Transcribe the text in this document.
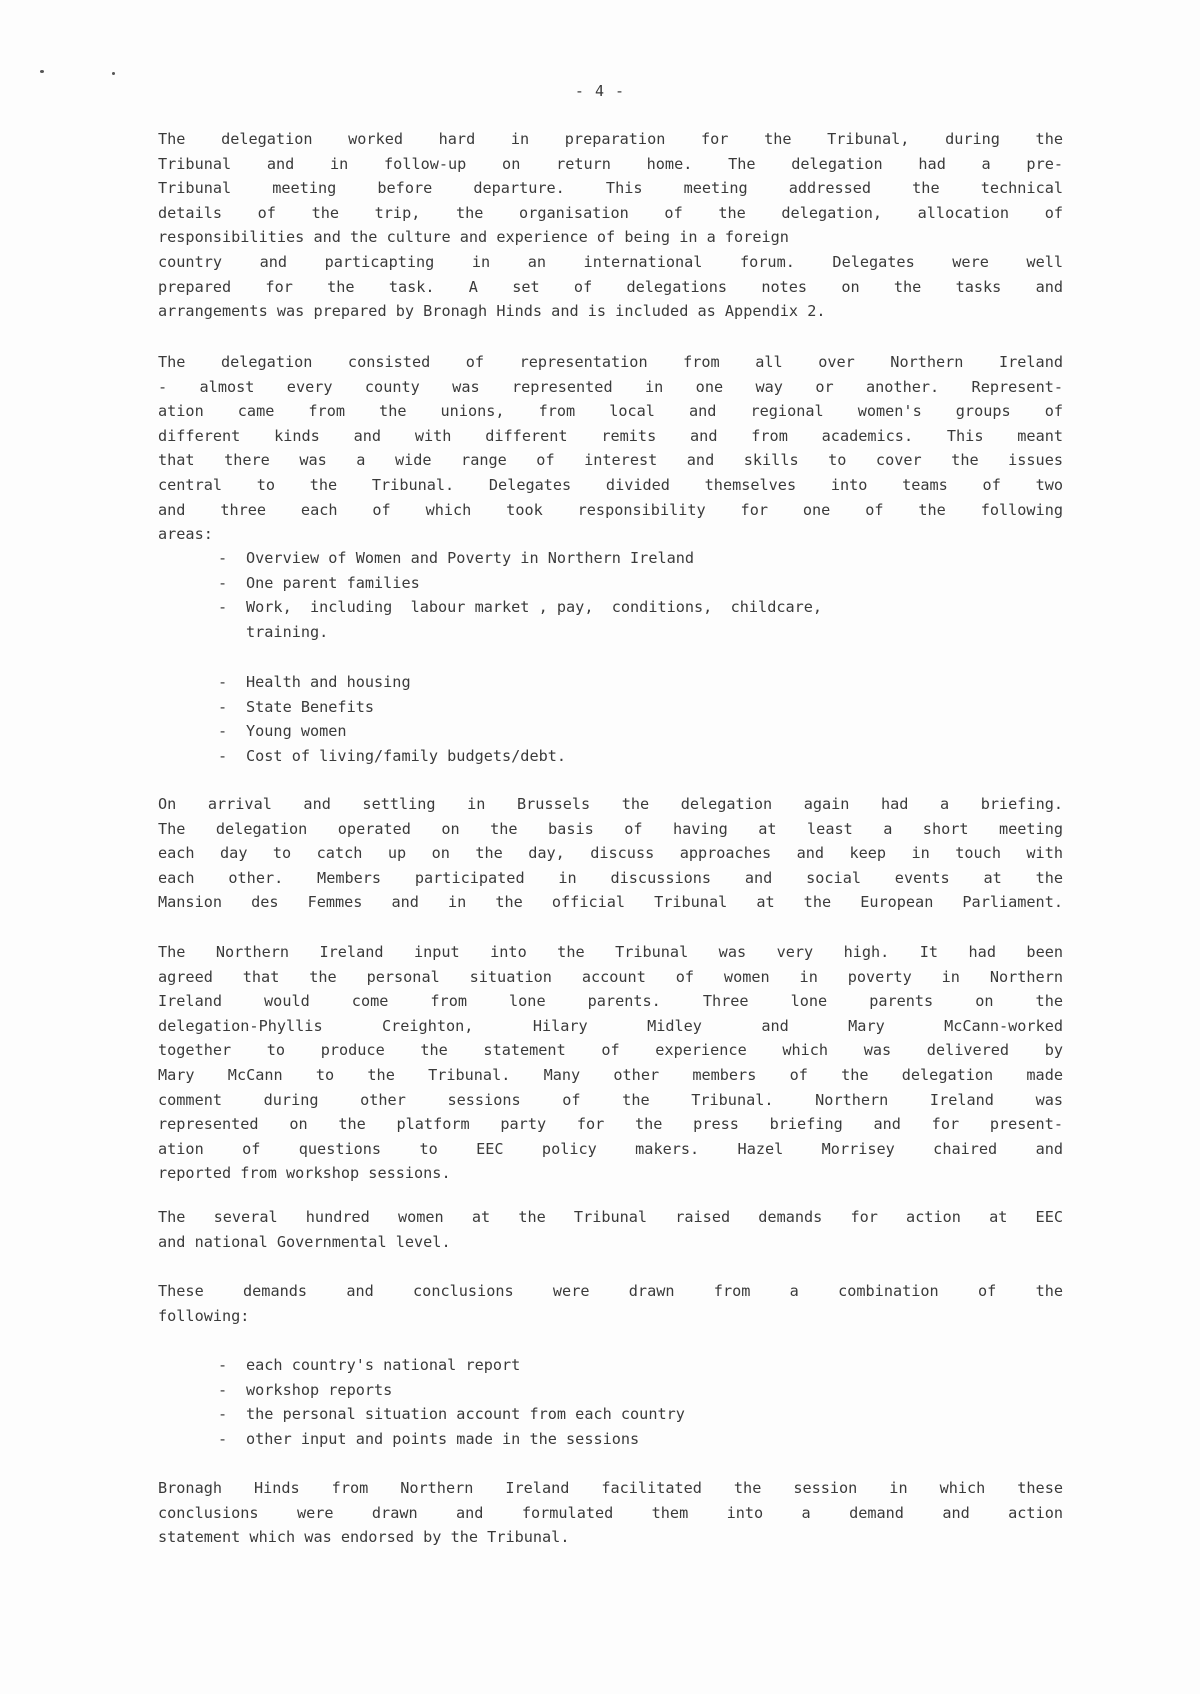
- 4 -
The delegation worked hard in preparation for the Tribunal, during the
Tribunal and in follow-up on return home. The delegation had a pre-
Tribunal meeting before departure. This meeting addressed the technical
details of the trip, the organisation of the delegation, allocation of
responsibilities and the culture and experience of being in a foreign
country and particapting in an international forum. Delegates were well
prepared for the task. A set of delegations notes on the tasks and
arrangements was prepared by Bronagh Hinds and is included as Appendix 2.
The delegation consisted of representation from all over Northern Ireland
- almost every county was represented in one way or another. Represent-
ation came from the unions, from local and regional women's groups of
different kinds and with different remits and from academics. This meant
that there was a wide range of interest and skills to cover the issues
central to the Tribunal. Delegates divided themselves into teams of two
and three each of which took responsibility for one of the following
areas:
-	Overview of Women and Poverty in Northern Ireland
-	One parent families
-	Work,  including  labour market , pay,  conditions,  childcare,
training.
-	Health and housing
-	State Benefits
-	Young women
-	Cost of living/family budgets/debt.
On arrival and settling in Brussels the delegation again had a briefing.
The delegation operated on the basis of having at least a short meeting
each day to catch up on the day, discuss approaches and keep in touch with
each other. Members participated in discussions and social events at the
Mansion des Femmes and in the official Tribunal at the European Parliament.
The Northern Ireland input into the Tribunal was very high. It had been
agreed that the personal situation account of women in poverty in Northern
Ireland would come from lone parents. Three lone parents on the
delegation-Phyllis Creighton, Hilary Midley and Mary McCann-worked
together to produce the statement of experience which was delivered by
Mary McCann to the Tribunal. Many other members of the delegation made
comment during other sessions of the Tribunal. Northern Ireland was
represented on the platform party for the press briefing and for present-
ation of questions to EEC policy makers. Hazel Morrisey chaired and
reported from workshop sessions.
The several hundred women at the Tribunal raised demands for action at EEC
and national Governmental level.
These demands and conclusions were drawn from a combination of the
following:
-	each country's national report
-	workshop reports
-	the personal situation account from each country
-	other input and points made in the sessions
Bronagh Hinds from Northern Ireland facilitated the session in which these
conclusions were drawn and formulated them into a demand and action
statement which was endorsed by the Tribunal.
